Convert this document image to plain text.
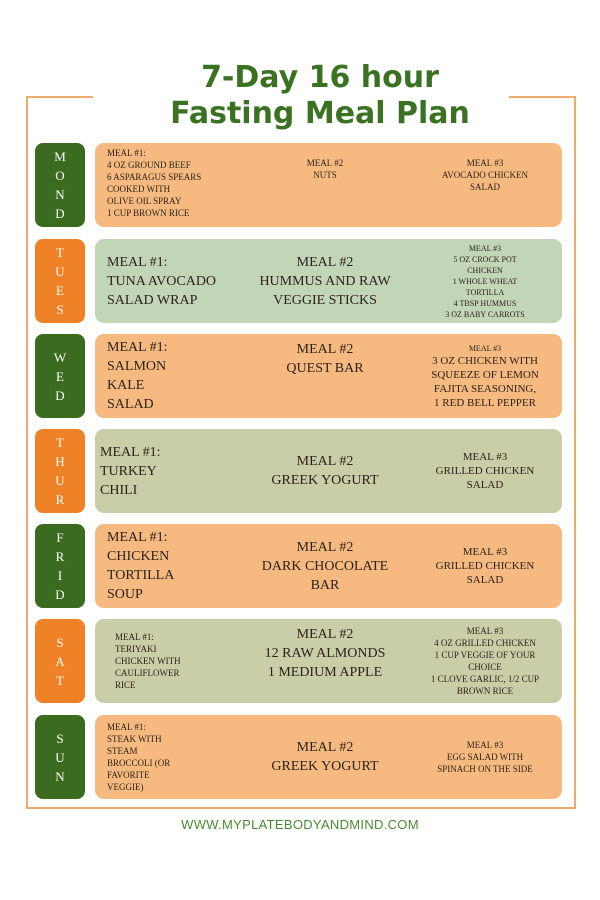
7-Day 16 hour
Fasting Meal Plan
M
O
N
D
MEAL #1:
4 OZ GROUND BEEF
6 ASPARAGUS SPEARS
COOKED WITH
OLIVE OIL SPRAY
1 CUP BROWN RICE
MEAL #2
NUTS
MEAL #3
AVOCADO CHICKEN
SALAD
T
U
E
S
MEAL #1:
TUNA AVOCADO
SALAD WRAP
MEAL #2
HUMMUS AND RAW
VEGGIE STICKS
MEAL #3
5 OZ CROCK POT
CHICKEN
1 WHOLE WHEAT
TORTILLA
4 TBSP HUMMUS
3 OZ BABY CARROTS
W
E
D
MEAL #1:
SALMON
KALE
SALAD
MEAL #2
QUEST BAR
MEAL #3
3 OZ CHICKEN WITH
SQUEEZE OF LEMON
FAJITA SEASONING,
1 RED BELL PEPPER
T
H
U
R
MEAL #1:
TURKEY
CHILI
MEAL #2
GREEK YOGURT
MEAL #3
GRILLED CHICKEN
SALAD
F
R
I
D
MEAL #1:
CHICKEN
TORTILLA
SOUP
MEAL #2
DARK CHOCOLATE
BAR
MEAL #3
GRILLED CHICKEN
SALAD
S
A
T
MEAL #1:
TERIYAKI
CHICKEN WITH
CAULIFLOWER
RICE
MEAL #2
12 RAW ALMONDS
1 MEDIUM APPLE
MEAL #3
4 OZ GRILLED CHICKEN
1 CUP VEGGIE OF YOUR
CHOICE
1 CLOVE GARLIC, 1/2 CUP
BROWN RICE
S
U
N
MEAL #1:
STEAK WITH
STEAM
BROCCOLI (OR
FAVORITE
VEGGIE)
MEAL #2
GREEK YOGURT
MEAL #3
EGG SALAD WITH
SPINACH ON THE SIDE
WWW.MYPLATEBODYANDMIND.COM
